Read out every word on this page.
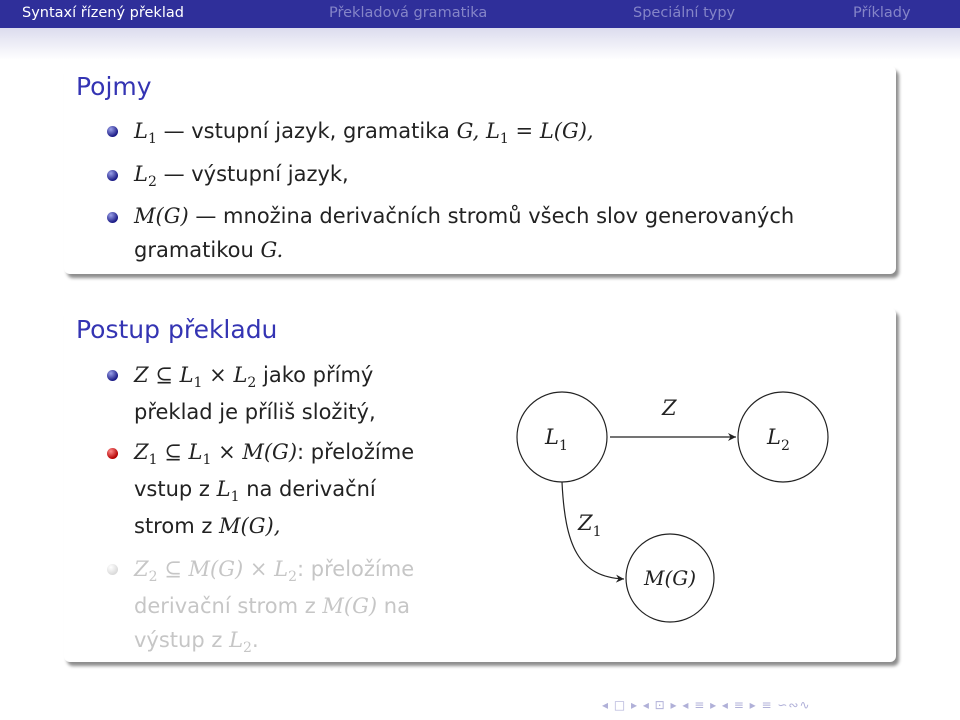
Syntaxí řízený překlad	Překladová gramatika	Speciální typy	Příklady
Pojmy
$L_1$ — vstupní jazyk, gramatika G, $L_1 = L(G)$,
$L_2$ — výstupní jazyk,
M(G) — množina derivačních stromů všech slov generovaných
gramatikou G.
Postup překladu
Z ⊆ $L_1 \times L_2$ jako přímý
překlad je příliš složitý,
$Z_1$ ⊆ $L_1 \times M(G)$: přeložíme
vstup z $L_1$ na derivační
strom z M(G),
$Z_2$ ⊆ $M(G) \times L_2$: přeložíme
derivační strom z M(G) na
výstup z $L_2$.
Z
$Z_1$
$L_1$	$L_2$
M(G)
◂ □ ▸ ◂ ⊡ ▸ ◂ ≡ ▸ ◂ ≡ ▸ ≡ ∽∾∿
